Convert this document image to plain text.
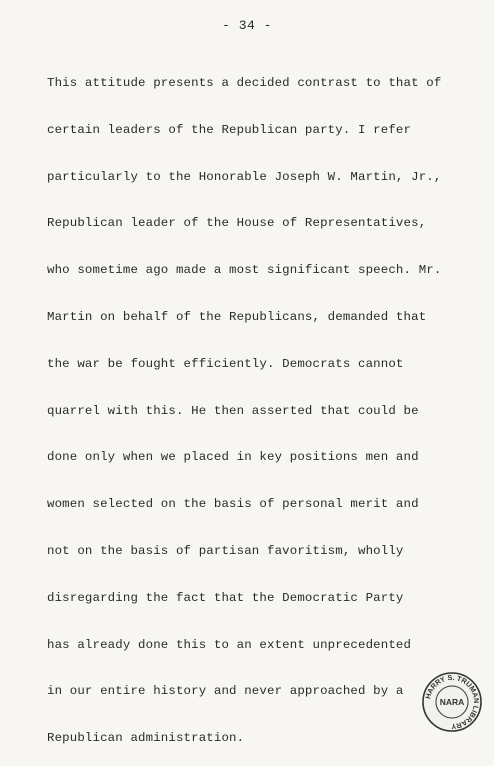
- 34 -
This attitude presents a decided contrast to that of
certain leaders of the Republican party. I refer
particularly to the Honorable Joseph W. Martin, Jr.,
Republican leader of the House of Representatives,
who sometime ago made a most significant speech. Mr.
Martin on behalf of the Republicans, demanded that
the war be fought efficiently. Democrats cannot
quarrel with this. He then asserted that could be
done only when we placed in key positions men and
women selected on the basis of personal merit and
not on the basis of partisan favoritism, wholly
disregarding the fact that the Democratic Party
has already done this to an extent unprecedented
in our entire history and never approached by a
Republican administration.
HARRY S. TRUMAN LIBRARY
NARA
